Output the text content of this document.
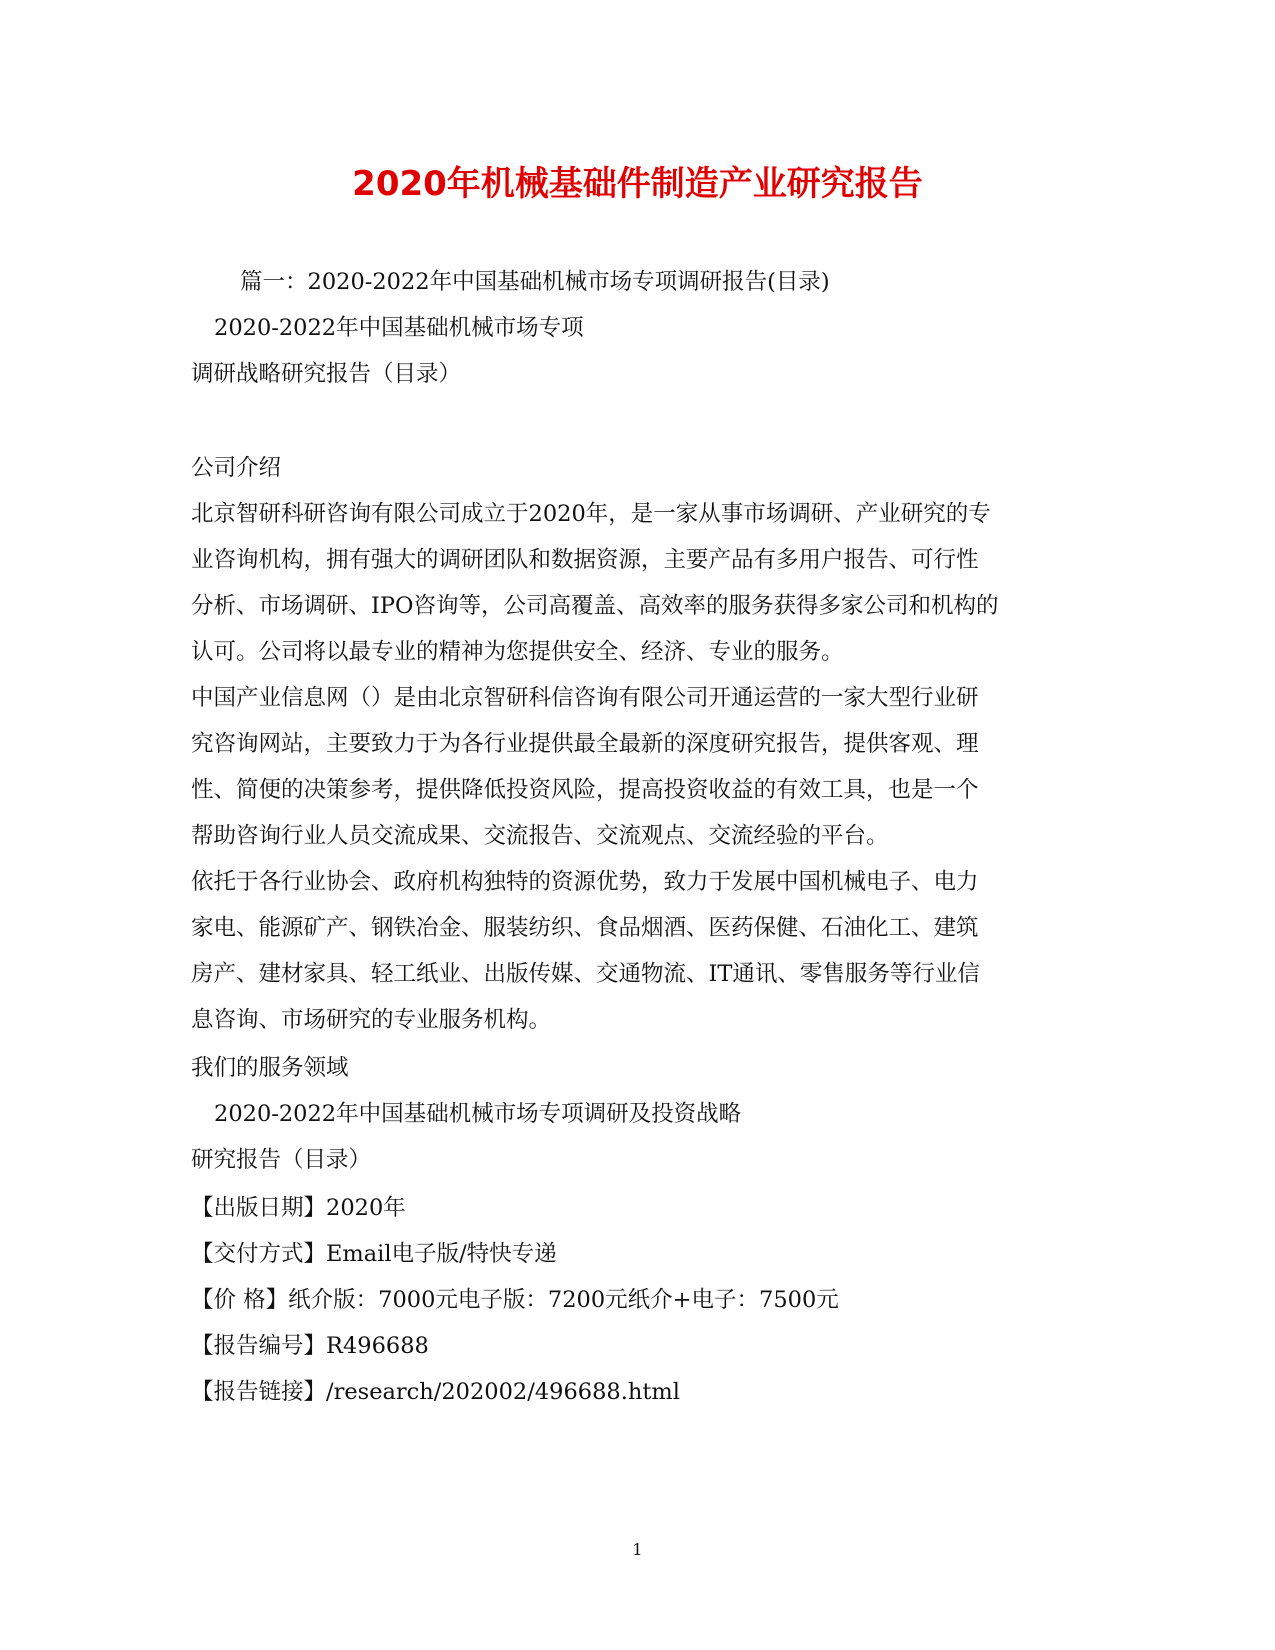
2020年机械基础件制造产业研究报告
篇一：2020-2022年中国基础机械市场专项调研报告(目录)
2020-2022年中国基础机械市场专项
调研战略研究报告（目录）
公司介绍
北京智研科研咨询有限公司成立于2020年，是一家从事市场调研、产业研究的专
业咨询机构，拥有强大的调研团队和数据资源，主要产品有多用户报告、可行性
分析、市场调研、IPO咨询等，公司高覆盖、高效率的服务获得多家公司和机构的
认可。公司将以最专业的精神为您提供安全、经济、专业的服务。
中国产业信息网（）是由北京智研科信咨询有限公司开通运营的一家大型行业研
究咨询网站，主要致力于为各行业提供最全最新的深度研究报告，提供客观、理
性、简便的决策参考，提供降低投资风险，提高投资收益的有效工具，也是一个
帮助咨询行业人员交流成果、交流报告、交流观点、交流经验的平台。
依托于各行业协会、政府机构独特的资源优势，致力于发展中国机械电子、电力
家电、能源矿产、钢铁冶金、服装纺织、食品烟酒、医药保健、石油化工、建筑
房产、建材家具、轻工纸业、出版传媒、交通物流、IT通讯、零售服务等行业信
息咨询、市场研究的专业服务机构。
我们的服务领域
2020-2022年中国基础机械市场专项调研及投资战略
研究报告（目录）
【出版日期】2020年
【交付方式】Email电子版/特快专递
【价 格】纸介版：7000元电子版：7200元纸介+电子：7500元
【报告编号】R496688
【报告链接】/research/202002/496688.html
1
